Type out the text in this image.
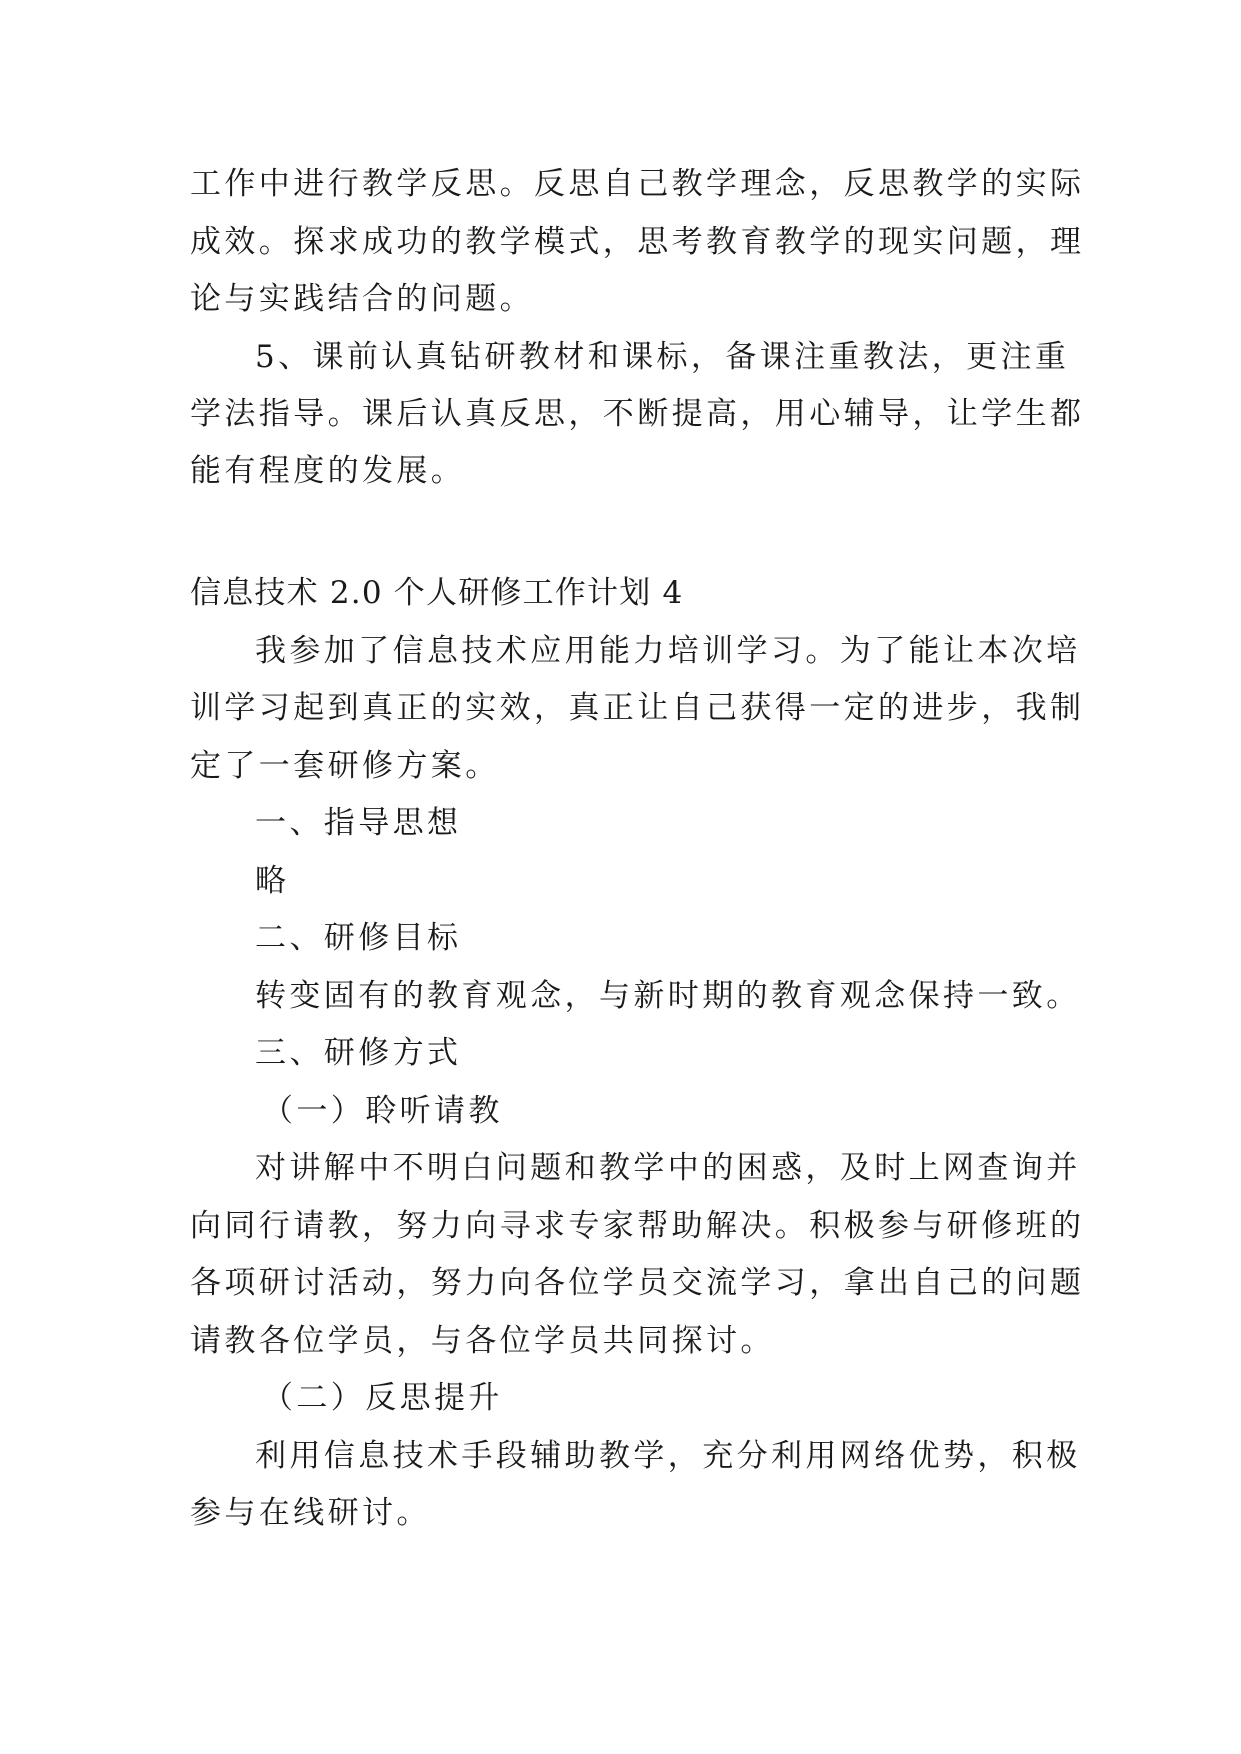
工作中进行教学反思。反思自己教学理念，反思教学的实际
成效。探求成功的教学模式，思考教育教学的现实问题，理
论与实践结合的问题。
5、课前认真钻研教材和课标，备课注重教法，更注重
学法指导。课后认真反思，不断提高，用心辅导，让学生都
能有程度的发展。
信息技术 2.0 个人研修工作计划 4
我参加了信息技术应用能力培训学习。为了能让本次培
训学习起到真正的实效，真正让自己获得一定的进步，我制
定了一套研修方案。
一、指导思想
略
二、研修目标
转变固有的教育观念，与新时期的教育观念保持一致。
三、研修方式
（一）聆听请教
对讲解中不明白问题和教学中的困惑，及时上网查询并
向同行请教，努力向寻求专家帮助解决。积极参与研修班的
各项研讨活动，努力向各位学员交流学习，拿出自己的问题
请教各位学员，与各位学员共同探讨。
（二）反思提升
利用信息技术手段辅助教学，充分利用网络优势，积极
参与在线研讨。
